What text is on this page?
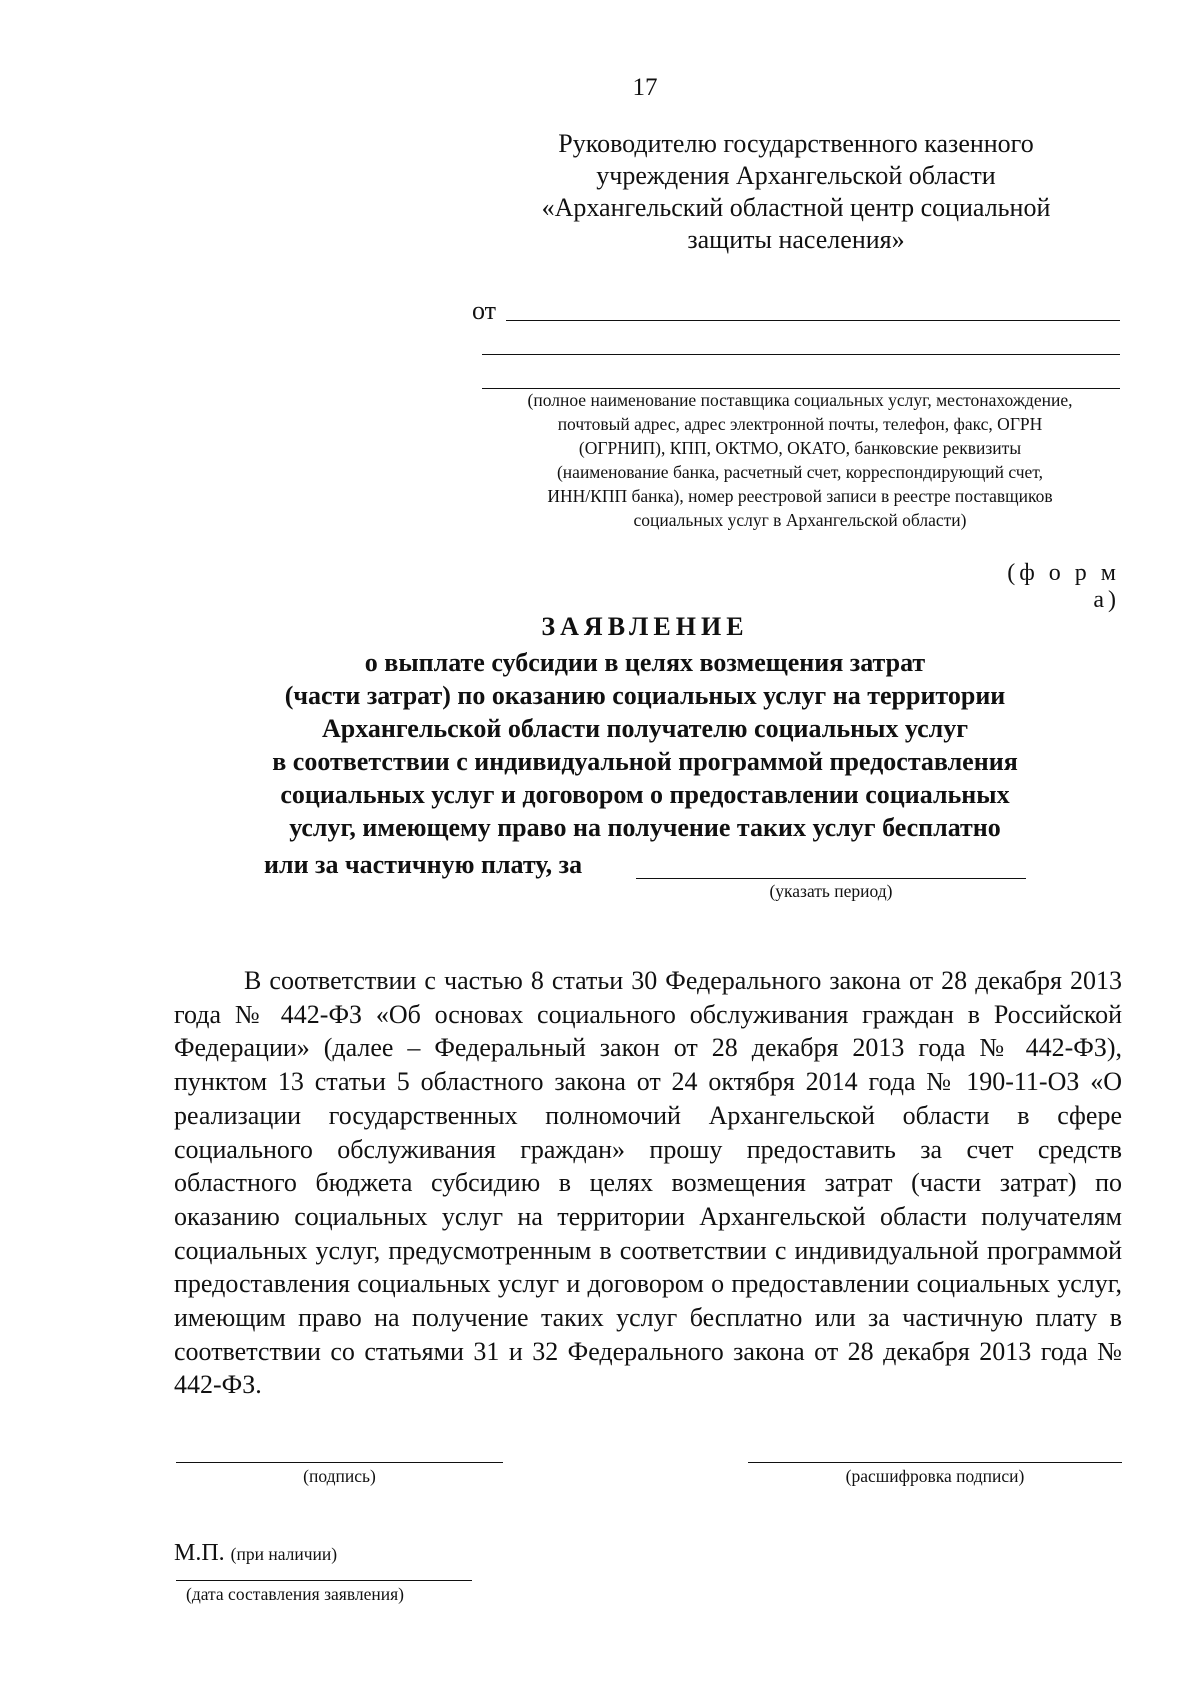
17
Руководителю государственного казенного
учреждения Архангельской области
«Архангельский областной центр социальной
защиты населения»
от
(полное наименование поставщика социальных услуг, местонахождение,
почтовый адрес, адрес электронной почты, телефон, факс, ОГРН
(ОГРНИП), КПП, ОКТМО, ОКАТО, банковские реквизиты
(наименование банка, расчетный счет, корреспондирующий счет,
ИНН/КПП банка), номер реестровой записи в реестре поставщиков
социальных услуг в Архангельской области)
(ф о р м а)
ЗАЯВЛЕНИЕ
о выплате субсидии в целях возмещения затрат
(части затрат) по оказанию социальных услуг на территории
Архангельской области получателю социальных услуг
в соответствии с индивидуальной программой предоставления
социальных услуг и договором о предоставлении социальных
услуг, имеющему право на получение таких услуг бесплатно
или за частичную плату, за
(указать период)
В соответствии с частью 8 статьи 30 Федерального закона от 28 декабря 2013 года № 442-ФЗ «Об основах социального обслуживания граждан в Российской Федерации» (далее – Федеральный закон от 28 декабря 2013 года № 442-ФЗ), пунктом 13 статьи 5 областного закона от 24 октября 2014 года № 190-11-ОЗ «О реализации государственных полномочий Архангельской области в сфере социального обслуживания граждан» прошу предоставить за счет средств областного бюджета субсидию в целях возмещения затрат (части затрат) по оказанию социальных услуг на территории Архангельской области получателям социальных услуг, предусмотренным в соответствии с индивидуальной программой предоставления социальных услуг и договором о предоставлении социальных услуг, имеющим право на получение таких услуг бесплатно или за частичную плату в соответствии со статьями 31 и 32 Федерального закона от 28 декабря 2013 года № 442-ФЗ.
(подпись)	(расшифровка подписи)
М.П. (при наличии)
(дата составления заявления)
